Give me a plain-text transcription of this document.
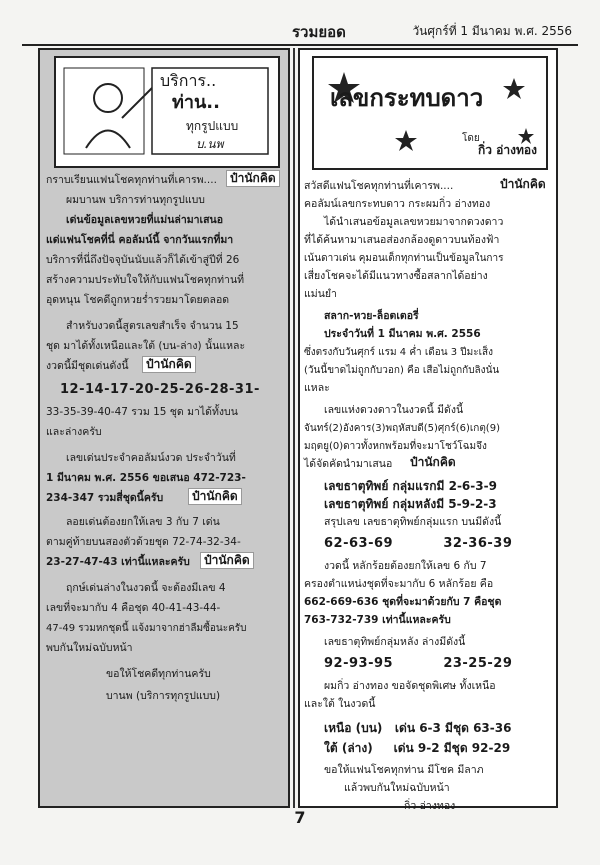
รวมยอด	วันศุกร์ที่ 1 มีนาคม พ.ศ. 2556
บริการ..
ท่าน..
ทุกรูปแบบ
บ.นพ
กราบเรียนแฟนโชคทุกท่านที่เคารพ....	ป๋านักคิด
ผมบานพ บริการท่านทุกรูปแบบ
เด่นข้อมูลเลขหวยที่แม่นล่ามาเสนอ
แด่แฟนโชคที่นี่ คอลัมน์นี้ จากวันแรกที่มา
บริการที่นี่ถึงปัจจุบันนับแล้วก็ได้เข้าสู่ปีที่ 26
สร้างความประทับใจให้กับแฟนโชคทุกท่านที่
อุดหนุน โชคดีถูกหวยร่ำรวยมาโดยตลอด
สำหรับงวดนี้สูตรเลขสำเร็จ จำนวน 15
ชุด มาได้ทั้งเหนือและใต้ (บน-ล่าง) นั้นแหละ
งวดนี้มีชุดเด่นดังนี้	ป๋านักคิด
12-14-17-20-25-26-28-31-
33-35-39-40-47 รวม 15 ชุด มาได้ทั้งบน
และล่างครับ
เลขเด่นประจำคอลัมน์งวด ประจำวันที่
1 มีนาคม พ.ศ. 2556 ขอเสนอ 472-723-
234-347 รวมสี่ชุดนี้ครับ	ป๋านักคิด
ลอยเด่นต้องยกให้เลข 3 กับ 7 เด่น
ตามคู่ท้ายบนสองตัวด้วยชุด 72-74-32-34-
23-27-47-43 เท่านี้แหละครับ	ป๋านักคิด
ฤกษ์เด่นล่างในงวดนี้ จะต้องมีเลข 4
เลขที่จะมากับ 4 คือชุด 40-41-43-44-
47-49 รวมหกชุดนี้ แจ้งมาจากฮ่าลืมซื้อนะครับ
พบกันใหม่ฉบับหน้า
ขอให้โชคดีทุกท่านครับ
บานพ (บริการทุกรูปแบบ)
เลขกระทบดาว
โดย
กิ่ว อ่างทอง
สวัสดีแฟนโชคทุกท่านที่เคารพ....	ป๋านักคิด
คอลัมน์เลขกระทบดาว กระผมกิ่ว อ่างทอง
ได้นำเสนอข้อมูลเลขหวยมาจากดวงดาว
ที่ได้ค้นหามาเสนอส่องกล้องดูดาวบนท้องฟ้า
เน้นดาวเด่น คุมอนเด็กทุกท่านเป็นข้อมูลในการ
เสี่ยงโชคจะได้มีแนวทางซื้อสลากได้อย่าง
แม่นยำ
สลาก-หวย-ล็อตเตอรี่
ประจำวันที่ 1 มีนาคม พ.ศ. 2556
ซึ่งตรงกับวันศุกร์ แรม 4 ค่ำ เดือน 3 ปีมะเส็ง
(วันนี้ขาดไม่ถูกกับวอก) คือ เสือไม่ถูกกับลิงนั่น
แหละ
เลขแห่งดวงดาวในงวดนี้ มีดังนี้
จันทร์(2)อังคาร(3)พฤหัสบดี(5)ศุกร์(6)เกตุ(9)
มฤตยู(0)ดาวทั้งหกพร้อมที่จะมาโชว์โฉมจึง
ได้จัดคัดนำมาเสนอ ป๋านักคิด
เลขธาตุทิพย์ กลุ่มแรกมี 2-6-3-9
เลขธาตุทิพย์ กลุ่มหลังมี 5-9-2-3
สรุปเลข เลขธาตุทิพย์กลุ่มแรก บนมีดังนี้
62-63-69          32-36-39
งวดนี้ หลักร้อยต้องยกให้เลข 6 กับ 7
ครองตำแหน่งชุดที่จะมากับ 6 หลักร้อย คือ
662-669-636 ชุดที่จะมาด้วยกับ 7 คือชุด
763-732-739 เท่านี้แหละครับ
เลขธาตุทิพย์กลุ่มหลัง ล่างมีดังนี้
92-93-95          23-25-29
ผมกิ่ว อ่างทอง ขอจัดชุดพิเศษ ทั้งเหนือ
และใต้ ในงวดนี้
เหนือ (บน)   เด่น 6-3 มีชุด 63-36
ใต้ (ล่าง)     เด่น 9-2 มีชุด 92-29
ขอให้แฟนโชคทุกท่าน มีโชค มีลาภ
แล้วพบกันใหม่ฉบับหน้า
กิ่ว อ่างทอง
7
